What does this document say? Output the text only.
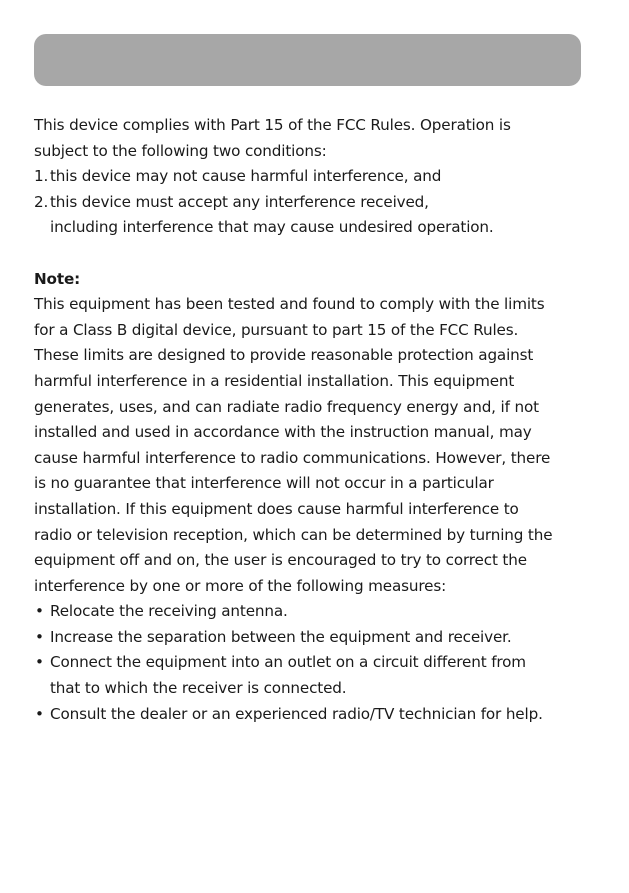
This device complies with Part 15 of the FCC Rules. Operation is

subject to the following two conditions:

1. this device may not cause harmful interference, and
2. this device must accept any interference received,
including interference that may cause undesired operation.

Note:

This equipment has been tested and found to comply with the limits

for a Class B digital device, pursuant to part 15 of the FCC Rules.

These limits are designed to provide reasonable protection against

harmful interference in a residential installation. This equipment

generates, uses, and can radiate radio frequency energy and, if not

installed and used in accordance with the instruction manual, may

cause harmful interference to radio communications. However, there

is no guarantee that interference will not occur in a particular

installation. If this equipment does cause harmful interference to

radio or television reception, which can be determined by turning the

equipment off and on, the user is encouraged to try to correct the

interference by one or more of the following measures:

• Relocate the receiving antenna.
• Increase the separation between the equipment and receiver.
• Connect the equipment into an outlet on a circuit different from
that to which the receiver is connected.
• Consult the dealer or an experienced radio/TV technician for help.
